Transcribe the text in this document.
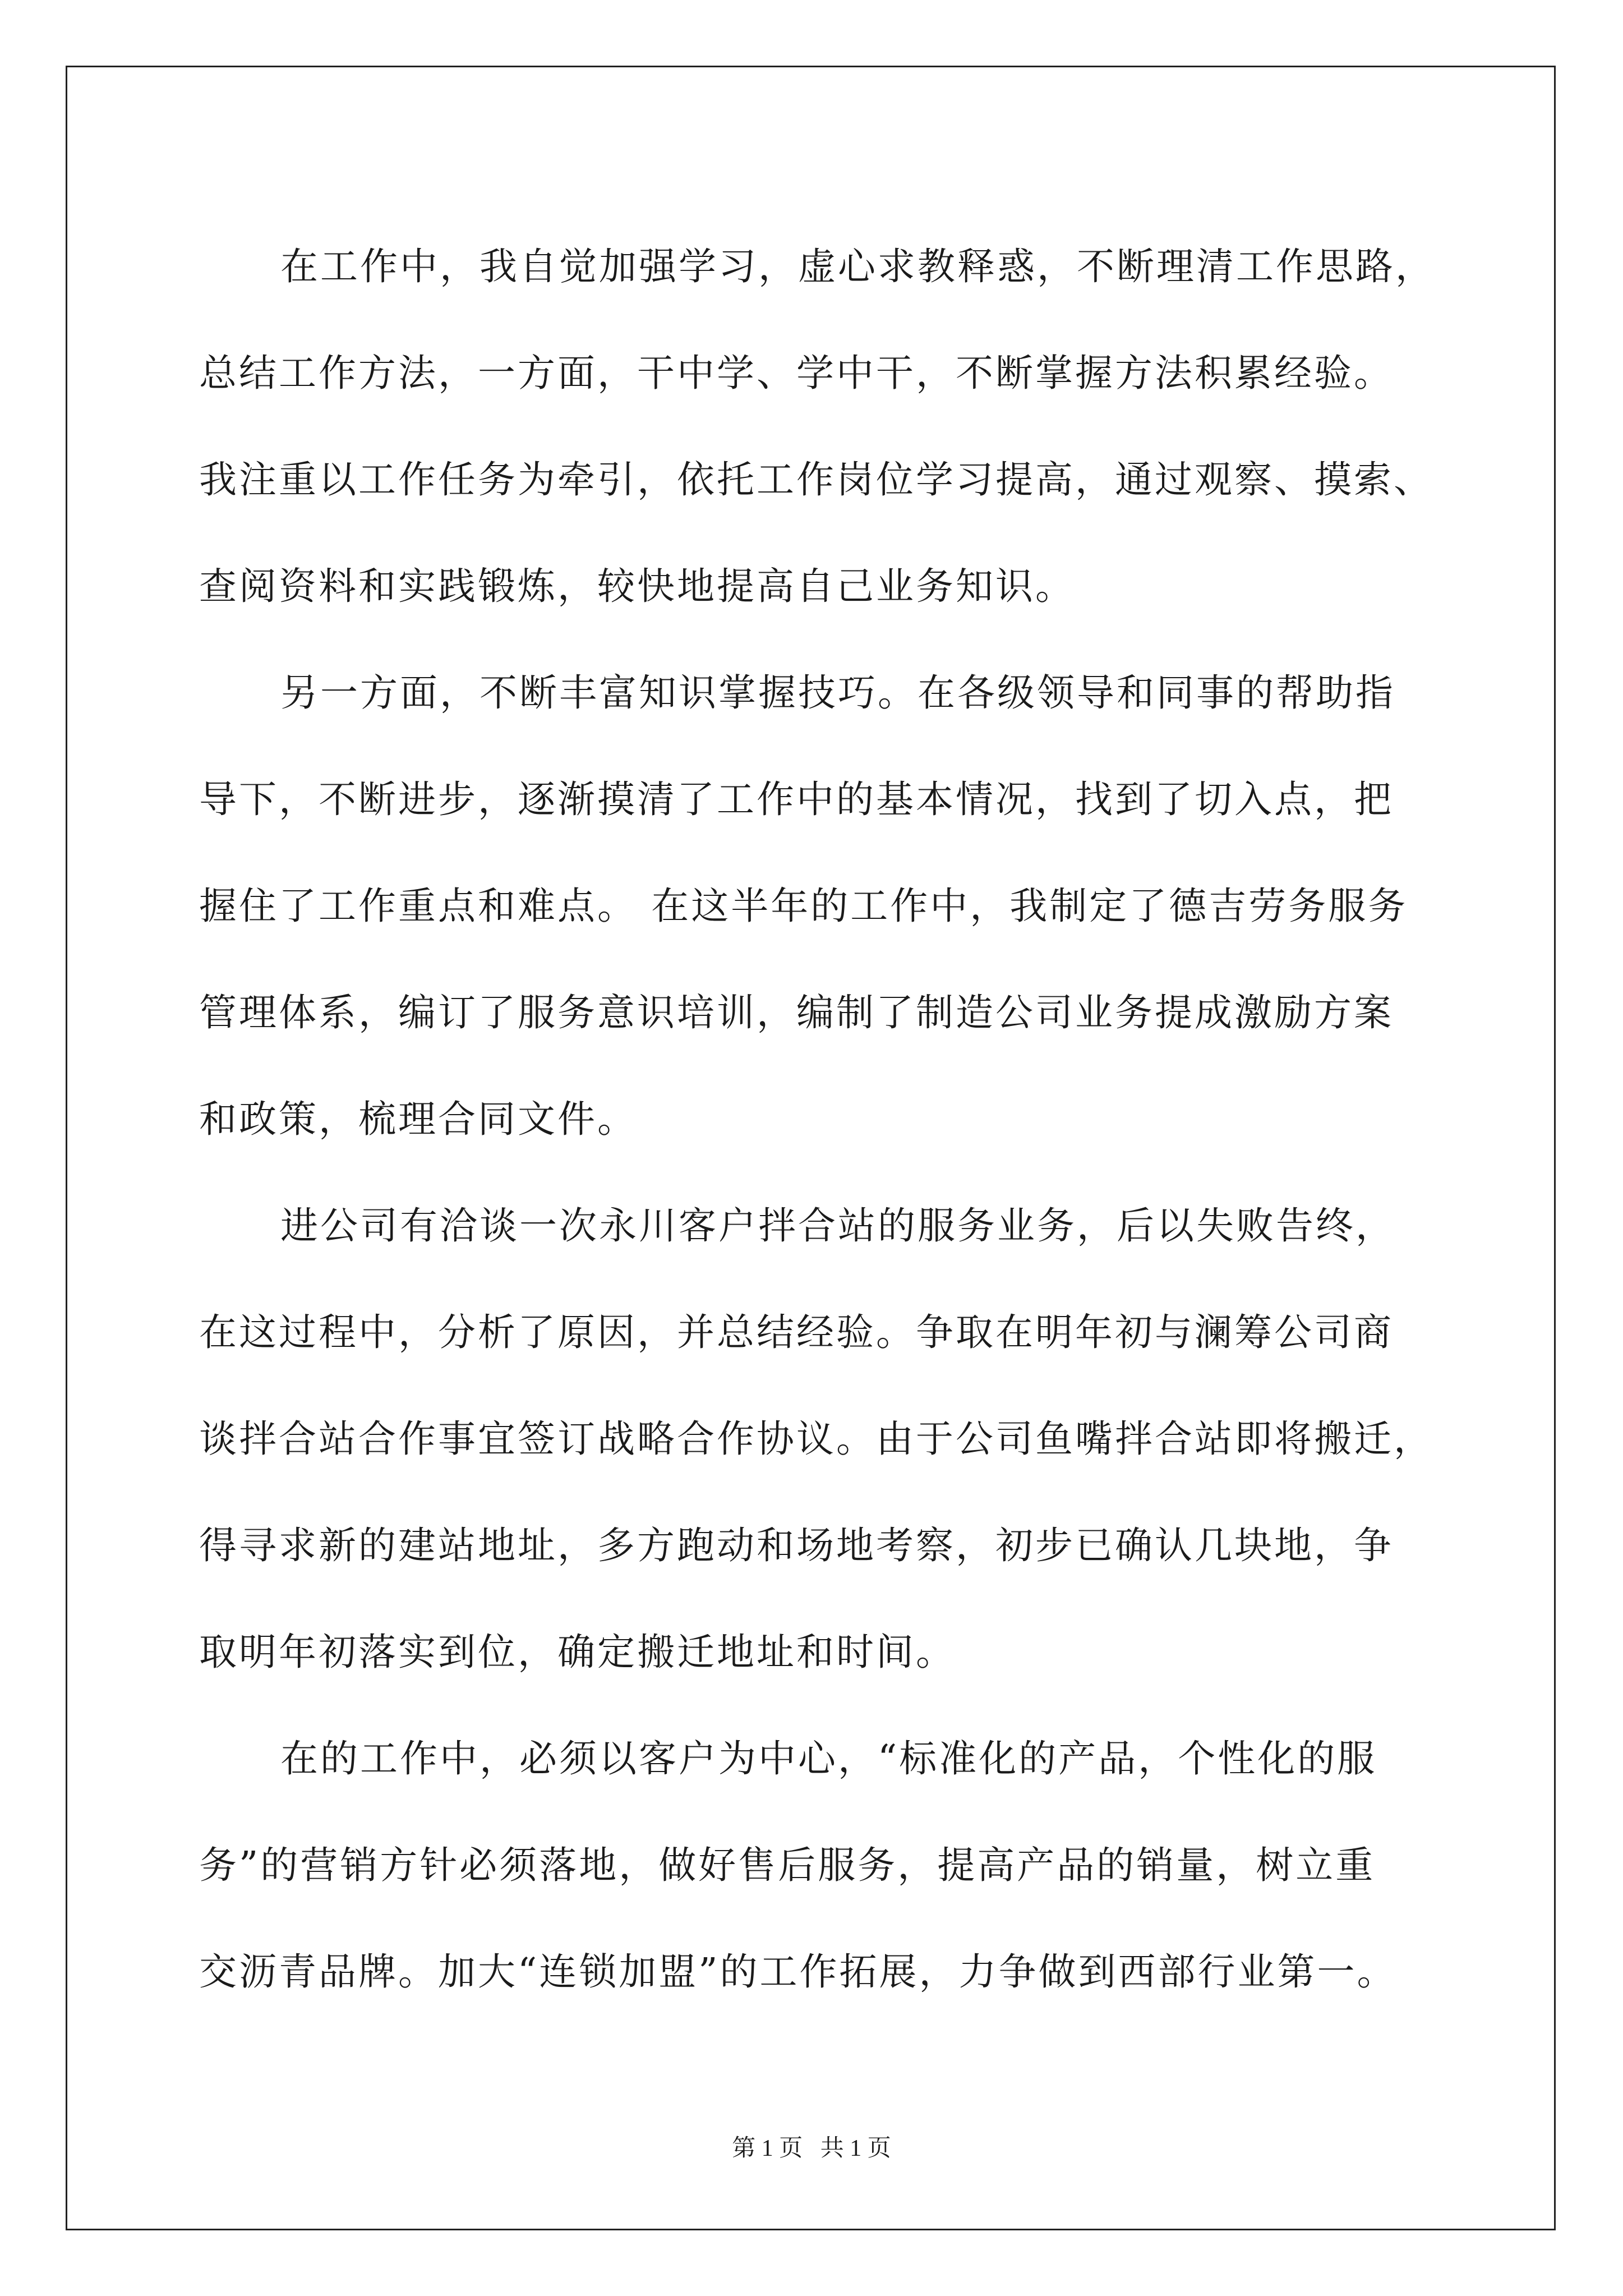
在工作中，我自觉加强学习，虚心求教释惑，不断理清工作思路，
总结工作方法，一方面，干中学、学中干，不断掌握方法积累经验。
我注重以工作任务为牵引，依托工作岗位学习提高，通过观察、摸索、
查阅资料和实践锻炼，较快地提高自己业务知识。
另一方面，不断丰富知识掌握技巧。在各级领导和同事的帮助指
导下，不断进步，逐渐摸清了工作中的基本情况，找到了切入点，把
握住了工作重点和难点。 在这半年的工作中，我制定了德吉劳务服务
管理体系，编订了服务意识培训，编制了制造公司业务提成激励方案
和政策，梳理合同文件。
进公司有洽谈一次永川客户拌合站的服务业务，后以失败告终，
在这过程中，分析了原因，并总结经验。争取在明年初与澜筹公司商
谈拌合站合作事宜签订战略合作协议。由于公司鱼嘴拌合站即将搬迁，
得寻求新的建站地址，多方跑动和场地考察，初步已确认几块地，争
取明年初落实到位，确定搬迁地址和时间。
在的工作中，必须以客户为中心，“标准化的产品，个性化的服
务”的营销方针必须落地，做好售后服务，提高产品的销量，树立重
交沥青品牌。加大“连锁加盟”的工作拓展，力争做到西部行业第一。
第 1 页   共 1 页
